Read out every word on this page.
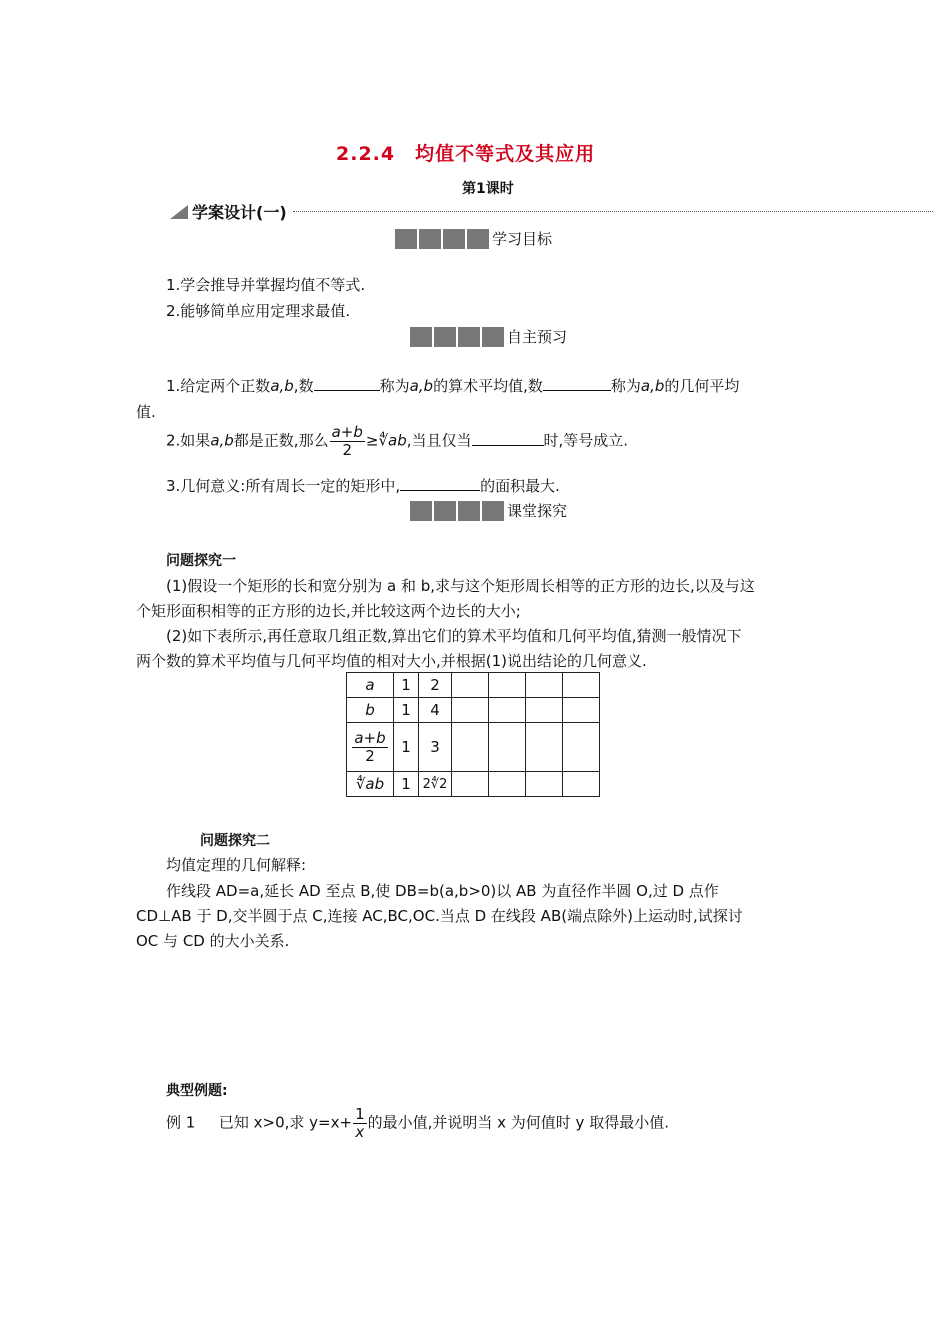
2.2.4　均值不等式及其应用
第1课时
学案设计(一)
学习目标
1.学会推导并掌握均值不等式.
2.能够简单应用定理求最值.
自主预习
1.给定两个正数a,b,数	称为a,b的算术平均值,数	称为a,b的几何平均
值.
2.如果a,b都是正数,那么 $\frac{a+b}{2}$ ≥∜ab,当且仅当	时,等号成立.
3.几何意义:所有周长一定的矩形中,	的面积最大.
课堂探究
问题探究一
(1)假设一个矩形的长和宽分别为 a 和 b,求与这个矩形周长相等的正方形的边长,以及与这
个矩形面积相等的正方形的边长,并比较这两个边长的大小;
(2)如下表所示,再任意取几组正数,算出它们的算术平均值和几何平均值,猜测一般情况下
两个数的算术平均值与几何平均值的相对大小,并根据(1)说出结论的几何意义.
a	1	2				
b	1	4				

$\frac{a+b}{2}$	1	3				
∜ab	1	2∜2				
问题探究二
均值定理的几何解释:
作线段 AD=a,延长 AD 至点 B,使 DB=b(a,b>0)以 AB 为直径作半圆 O,过 D 点作
CD⊥AB 于 D,交半圆于点 C,连接 AC,BC,OC.当点 D 在线段 AB(端点除外)上运动时,试探讨
OC 与 CD 的大小关系.
典型例题:
例 1 已知 x>0,求 $y=x+ \frac{1}{x}$ 的最小值,并说明当 x 为何值时 y 取得最小值.
